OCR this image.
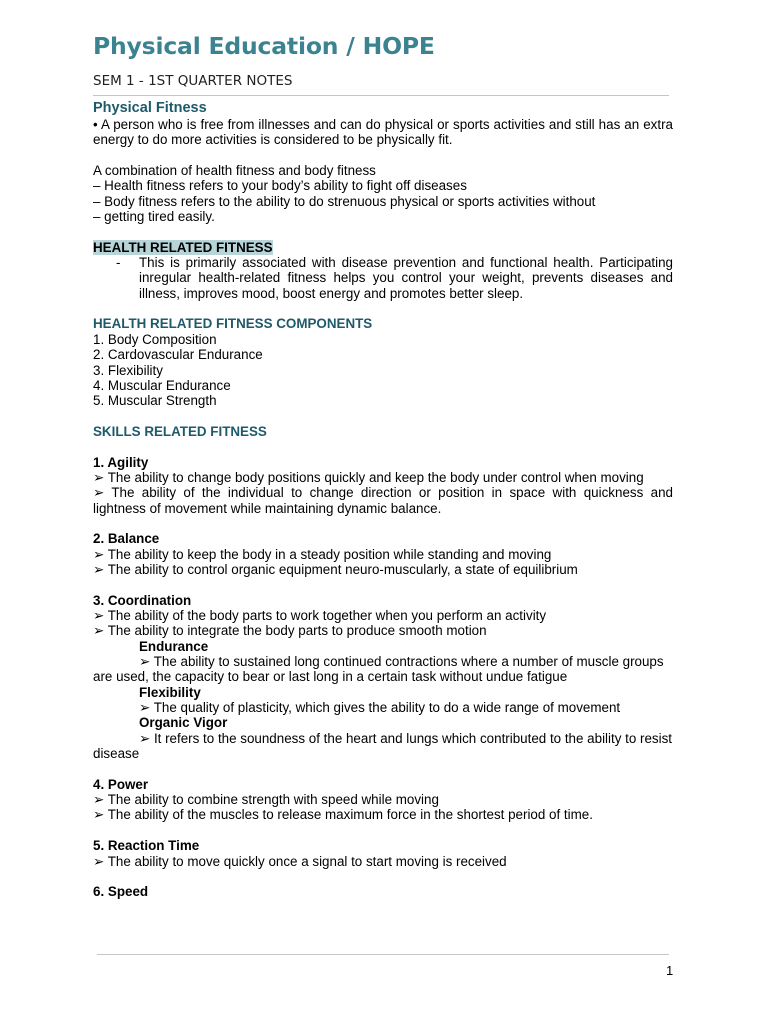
Physical Education / HOPE
SEM 1 - 1ST QUARTER NOTES

Physical Fitness

• A person who is free from illnesses and can do physical or sports activities and still has an extra energy to do more activities is considered to be physically fit.

A combination of health fitness and body fitness

– Health fitness refers to your body’s ability to fight off diseases

– Body fitness refers to the ability to do strenuous physical or sports activities without

– getting tired easily.

HEALTH RELATED FITNESS

-	This is primarily associated with disease prevention and functional health. Participating inregular health-related fitness helps you control your weight, prevents diseases and illness, improves mood, boost energy and promotes better sleep.

HEALTH RELATED FITNESS COMPONENTS

1. Body Composition

2. Cardovascular Endurance

3. Flexibility

4. Muscular Endurance

5. Muscular Strength

SKILLS RELATED FITNESS

1. Agility

➢ The ability to change body positions quickly and keep the body under control when moving

➢ The ability of the individual to change direction or position in space with quickness and lightness of movement while maintaining dynamic balance.

2. Balance

➢ The ability to keep the body in a steady position while standing and moving

➢ The ability to control organic equipment neuro-muscularly, a state of equilibrium

3. Coordination

➢ The ability of the body parts to work together when you perform an activity

➢ The ability to integrate the body parts to produce smooth motion

Endurance

➢ The ability to sustained long continued contractions where a number of muscle groups are used, the capacity to bear or last long in a certain task without undue fatigue

Flexibility

➢ The quality of plasticity, which gives the ability to do a wide range of movement

Organic Vigor

➢ It refers to the soundness of the heart and lungs which contributed to the ability to resist disease

4. Power

➢ The ability to combine strength with speed while moving

➢ The ability of the muscles to release maximum force in the shortest period of time.

5. Reaction Time

➢ The ability to move quickly once a signal to start moving is received

6. Speed

1
